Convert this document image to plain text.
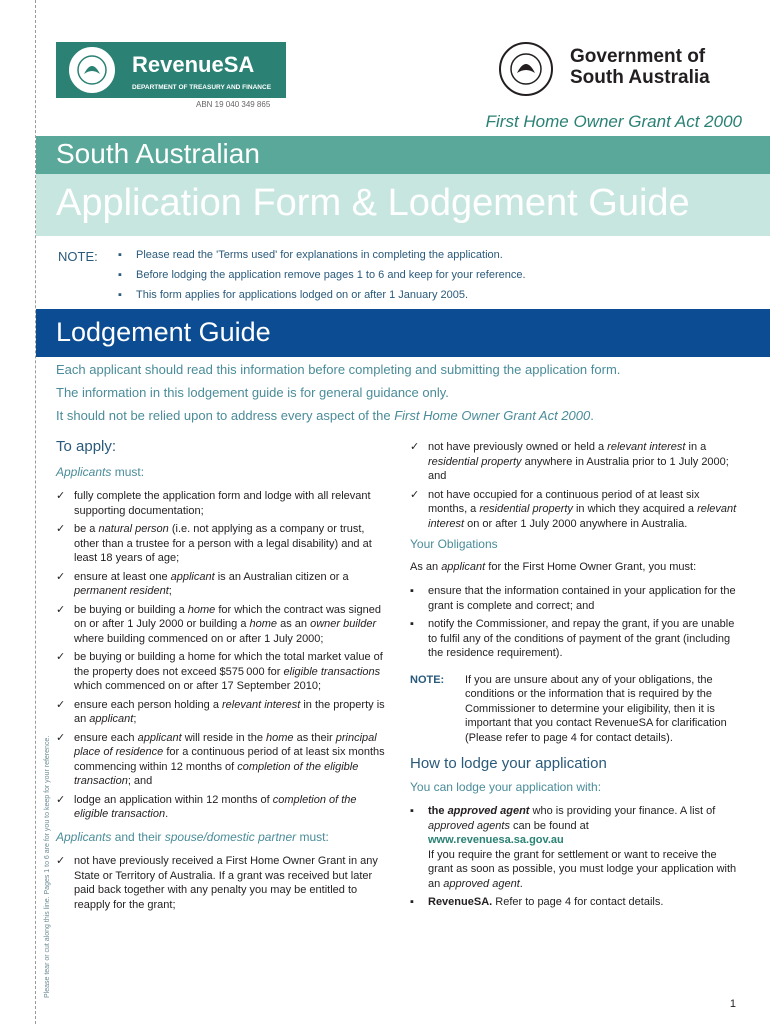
Please tear or cut along this line. Pages 1 to 6 are for you to keep for your reference.
RevenueSA
DEPARTMENT OF TREASURY AND FINANCE
ABN 19 040 349 865
Government of
South Australia
First Home Owner Grant Act 2000
South Australian
Application Form & Lodgement Guide
NOTE:
▪	Please read the 'Terms used' for explanations in completing the application.
▪ Before lodging the application remove pages 1 to 6 and keep for your reference.
▪ This form applies for applications lodged on or after 1 January 2005.
Lodgement Guide
Each applicant should read this information before completing and submitting the application form.
The information in this lodgement guide is for general guidance only.
It should not be relied upon to address every aspect of the First Home Owner Grant Act 2000.
To apply:
Applicants must:
✓ fully complete the application form and lodge with all relevant supporting documentation;
✓ be a natural person (i.e. not applying as a company or trust, other than a trustee for a person with a legal disability) and at least 18 years of age;
✓ ensure at least one applicant is an Australian citizen or a permanent resident;
✓ be buying or building a home for which the contract was signed on or after 1 July 2000 or building a home as an owner builder where building commenced on or after 1 July 2000;
✓ be buying or building a home for which the total market value of the property does not exceed $575 000 for eligible transactions which commenced on or after 17 September 2010;
✓ ensure each person holding a relevant interest in the property is an applicant;
✓ ensure each applicant will reside in the home as their principal place of residence for a continuous period of at least six months commencing within 12 months of completion of the eligible transaction; and
✓ lodge an application within 12 months of completion of the eligible transaction.
Applicants and their spouse/domestic partner must:
✓ not have previously received a First Home Owner Grant in any State or Territory of Australia. If a grant was received but later paid back together with any penalty you may be entitled to reapply for the grant;
✓ not have previously owned or held a relevant interest in a residential property anywhere in Australia prior to 1 July 2000; and
✓ not have occupied for a continuous period of at least six months, a residential property in which they acquired a relevant interest on or after 1 July 2000 anywhere in Australia.
Your Obligations
As an applicant for the First Home Owner Grant, you must:
▪ ensure that the information contained in your application for the grant is complete and correct; and
▪ notify the Commissioner, and repay the grant, if you are unable to fulfil any of the conditions of payment of the grant (including the residence requirement).
NOTE:	If you are unsure about any of your obligations, the conditions or the information that is required by the Commissioner to determine your eligibility, then it is important that you contact RevenueSA for clarification (Please refer to page 4 for contact details).
How to lodge your application
You can lodge your application with:
▪ the approved agent who is providing your finance. A list of approved agents can be found at
www.revenuesa.sa.gov.au
If you require the grant for settlement or want to receive the grant as soon as possible, you must lodge your application with an approved agent.
▪ RevenueSA. Refer to page 4 for contact details.
1
